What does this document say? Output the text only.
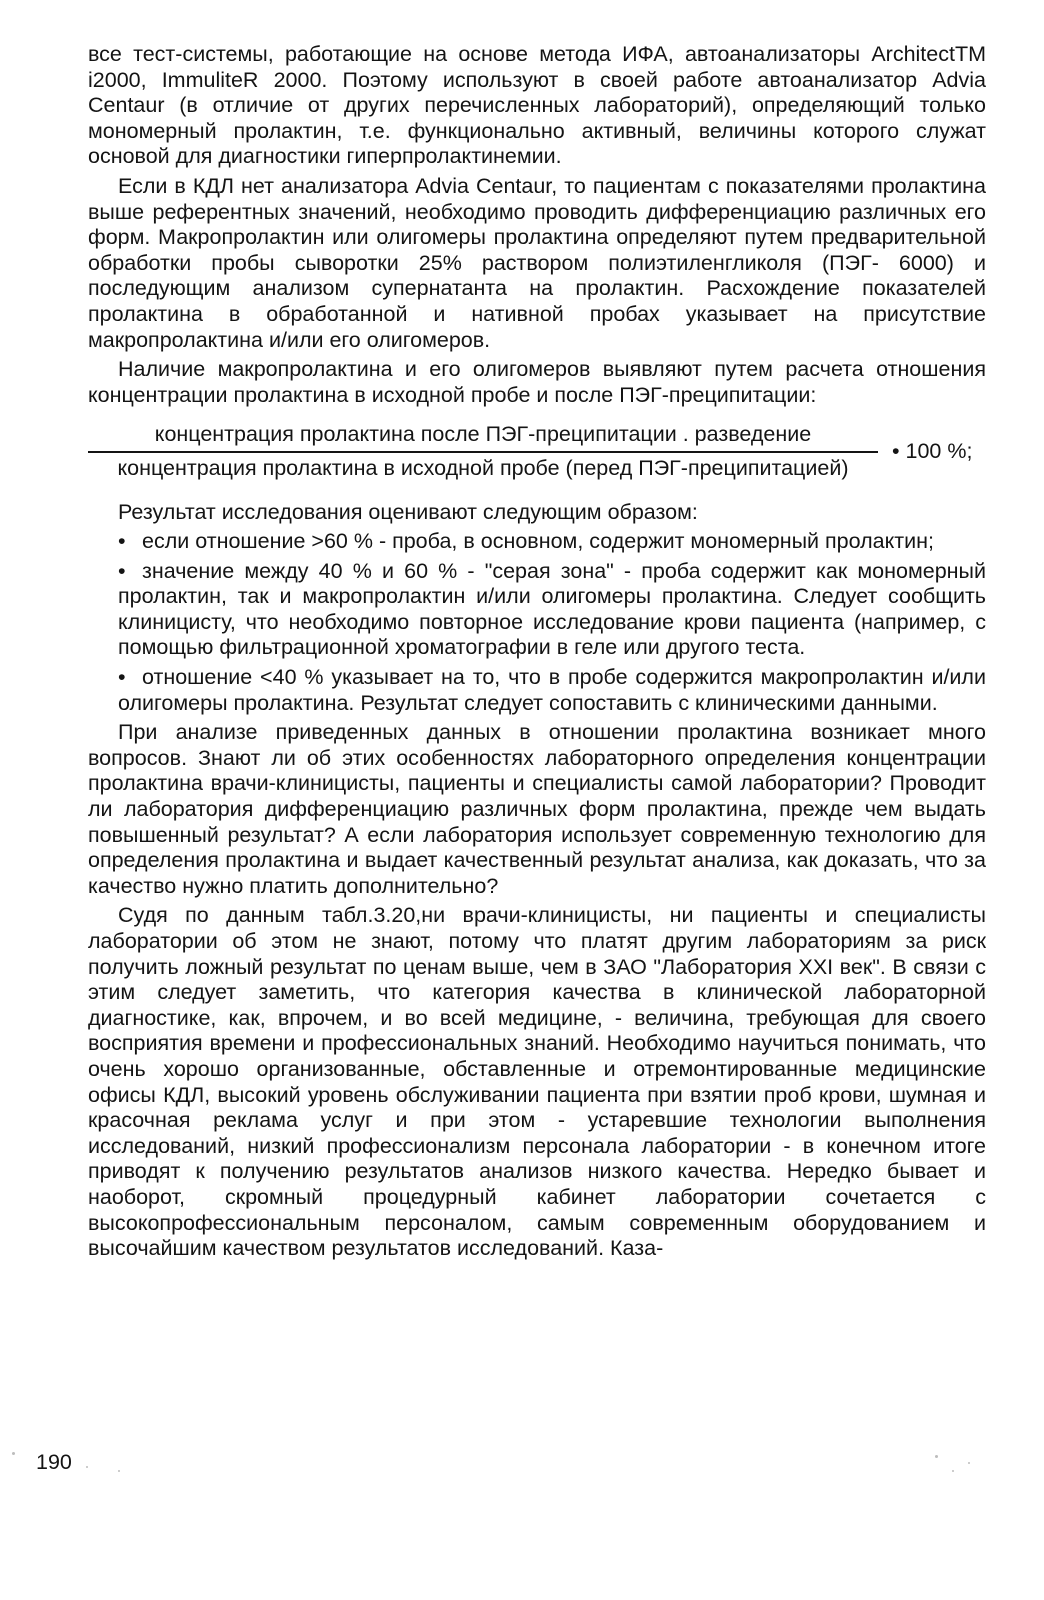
все тест-системы, работающие на основе метода ИФА, автоанализаторы ArchitectTM i2000, ImmuliteR 2000. Поэтому используют в своей работе автоанализатор Advia Centaur (в отличие от других перечисленных лабораторий), определяющий только мономерный пролактин, т.е. функционально активный, величины которого служат основой для диагностики гиперпролактинемии.

Если в КДЛ нет анализатора Advia Centaur, то пациентам с показателями пролактина выше референтных значений, необходимо проводить дифференциацию различных его форм. Макропролактин или олигомеры пролактина определяют путем предварительной обработки пробы сыворотки 25% раствором полиэтиленгликоля (ПЭГ- 6000) и последующим анализом супернатанта на пролактин. Расхождение показателей пролактина в обработанной и нативной пробах указывает на присутствие макропролактина и/или его олигомеров.

Наличие макропролактина и его олигомеров выявляют путем расчета отношения концентрации пролактина в исходной пробе и после ПЭГ-преципитации:

концентрация пролактина после ПЭГ-преципитации . разведение
концентрация пролактина в исходной пробе (перед ПЭГ-преципитацией)
• 100 %;

Результат исследования оценивают следующим образом:

• если отношение >60 % - проба, в основном, содержит мономерный пролактин;
• значение между 40 % и 60 % - "серая зона" - проба содержит как мономерный пролактин, так и макропролактин и/или олигомеры пролактина. Следует сообщить клиницисту, что необходимо повторное исследование крови пациента (например, с помощью фильтрационной хроматографии в геле или другого теста.
• отношение <40 % указывает на то, что в пробе содержится макропролактин и/или олигомеры пролактина. Результат следует сопоставить с клиническими данными.

При анализе приведенных данных в отношении пролактина возникает много вопросов. Знают ли об этих особенностях лабораторного определения концентрации пролактина врачи-клиницисты, пациенты и специалисты самой лаборатории? Проводит ли лаборатория дифференциацию различных форм пролактина, прежде чем выдать повышенный результат? А если лаборатория использует современную технологию для определения пролактина и выдает качественный результат анализа, как доказать, что за качество нужно платить дополнительно?

Судя по данным табл.3.20,ни врачи-клиницисты, ни пациенты и специалисты лаборатории об этом не знают, потому что платят другим лабораториям за риск получить ложный результат по ценам выше, чем в ЗАО "Лаборатория XXI век". В связи с этим следует заметить, что категория качества в клинической лабораторной диагностике, как, впрочем, и во всей медицине, - величина, требующая для своего восприятия времени и профессиональных знаний. Необходимо научиться понимать, что очень хорошо организованные, обставленные и отремонтированные медицинские офисы КДЛ, высокий уровень обслуживании пациента при взятии проб крови, шумная и красочная реклама услуг и при этом - устаревшие технологии выполнения исследований, низкий профессионализм персонала лаборатории - в конечном итоге приводят к получению результатов анализов низкого качества. Нередко бывает и наоборот, скромный процедурный кабинет лаборатории сочетается с высокопрофессиональным персоналом, самым современным оборудованием и высочайшим качеством результатов исследований. Каза-

190
